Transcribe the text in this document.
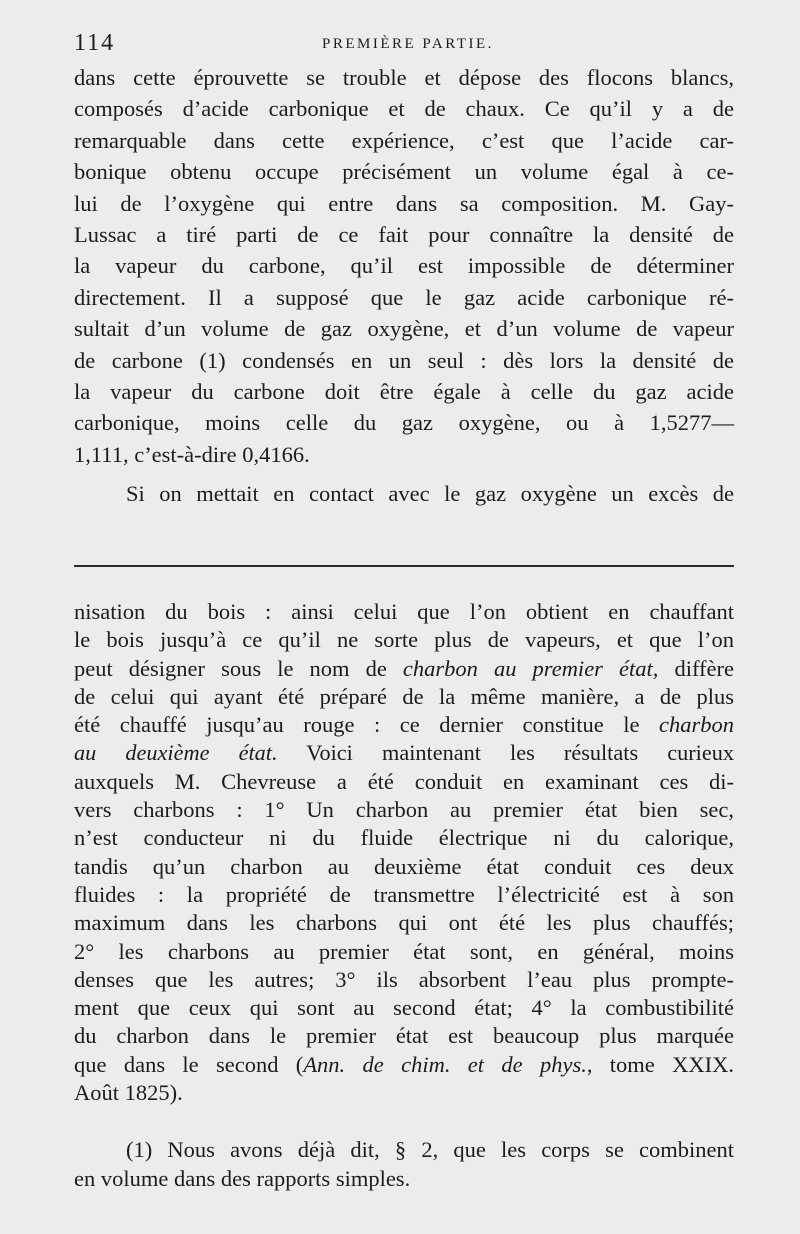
114	PREMIÈRE PARTIE.
dans cette éprouvette se trouble et dépose des flocons blancs,
composés d’acide carbonique et de chaux. Ce qu’il y a de
remarquable dans cette expérience, c’est que l’acide car-
bonique obtenu occupe précisément un volume égal à ce-
lui de l’oxygène qui entre dans sa composition. M. Gay-
Lussac a tiré parti de ce fait pour connaître la densité de
la vapeur du carbone, qu’il est impossible de déterminer
directement. Il a supposé que le gaz acide carbonique ré-
sultait d’un volume de gaz oxygène, et d’un volume de vapeur
de carbone (1) condensés en un seul : dès lors la densité de
la vapeur du carbone doit être égale à celle du gaz acide
carbonique, moins celle du gaz oxygène, ou à 1,5277—
1,111, c’est-à-dire 0,4166.
Si on mettait en contact avec le gaz oxygène un excès de
nisation du bois : ainsi celui que l’on obtient en chauffant
le bois jusqu’à ce qu’il ne sorte plus de vapeurs, et que l’on
peut désigner sous le nom de charbon au premier état, diffère
de celui qui ayant été préparé de la même manière, a de plus
été chauffé jusqu’au rouge : ce dernier constitue le charbon
au deuxième état. Voici maintenant les résultats curieux
auxquels M. Chevreuse a été conduit en examinant ces di-
vers charbons : 1° Un charbon au premier état bien sec,
n’est conducteur ni du fluide électrique ni du calorique,
tandis qu’un charbon au deuxième état conduit ces deux
fluides : la propriété de transmettre l’électricité est à son
maximum dans les charbons qui ont été les plus chauffés;
2° les charbons au premier état sont, en général, moins
denses que les autres; 3° ils absorbent l’eau plus prompte-
ment que ceux qui sont au second état; 4° la combustibilité
du charbon dans le premier état est beaucoup plus marquée
que dans le second (Ann. de chim. et de phys., tome XXIX.
Août 1825).
(1) Nous avons déjà dit, § 2, que les corps se combinent
en volume dans des rapports simples.
